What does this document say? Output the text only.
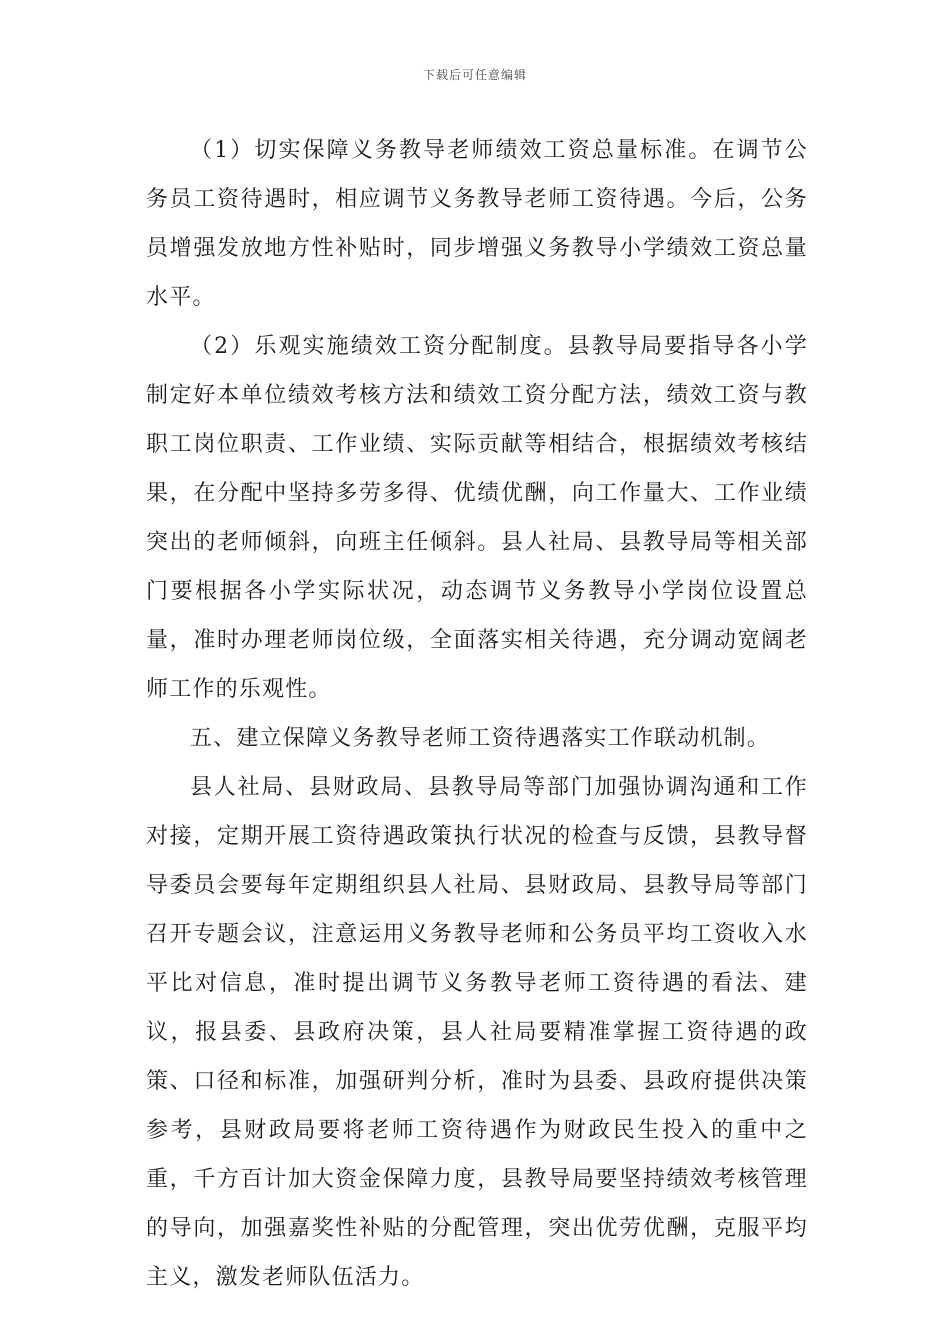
下载后可任意编辑

（1）切实保障义务教导老师绩效工资总量标准。在调节公务员工资待遇时，相应调节义务教导老师工资待遇。今后，公务员增强发放地方性补贴时，同步增强义务教导小学绩效工资总量水平。

（2）乐观实施绩效工资分配制度。县教导局要指导各小学制定好本单位绩效考核方法和绩效工资分配方法，绩效工资与教职工岗位职责、工作业绩、实际贡献等相结合，根据绩效考核结果，在分配中坚持多劳多得、优绩优酬，向工作量大、工作业绩突出的老师倾斜，向班主任倾斜。县人社局、县教导局等相关部门要根据各小学实际状况，动态调节义务教导小学岗位设置总量，准时办理老师岗位级，全面落实相关待遇，充分调动宽阔老师工作的乐观性。

五、建立保障义务教导老师工资待遇落实工作联动机制。

县人社局、县财政局、县教导局等部门加强协调沟通和工作对接，定期开展工资待遇政策执行状况的检查与反馈，县教导督导委员会要每年定期组织县人社局、县财政局、县教导局等部门召开专题会议，注意运用义务教导老师和公务员平均工资收入水平比对信息，准时提出调节义务教导老师工资待遇的看法、建议，报县委、县政府决策，县人社局要精准掌握工资待遇的政策、口径和标准，加强研判分析，准时为县委、县政府提供决策参考，县财政局要将老师工资待遇作为财政民生投入的重中之重，千方百计加大资金保障力度，县教导局要坚持绩效考核管理的导向，加强嘉奖性补贴的分配管理，突出优劳优酬，克服平均主义，激发老师队伍活力。
